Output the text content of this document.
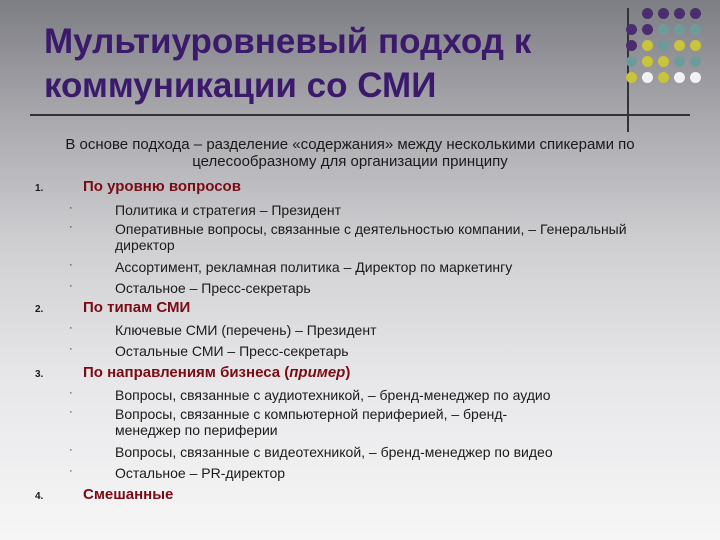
Мультиуровневый подход к коммуникации со СМИ
В основе подхода – разделение «содержания» между несколькими спикерами по целесообразному для организации принципу
1.	По уровню вопросов
·	Политика и стратегия – Президент
·	Оперативные вопросы, связанные с деятельностью компании, – Генеральный директор
·	Ассортимент, рекламная политика – Директор по маркетингу
·	Остальное – Пресс-секретарь
2.	По типам СМИ
·	Ключевые СМИ (перечень) – Президент
·	Остальные СМИ – Пресс-секретарь
3.	По направлениям бизнеса (пример)
·	Вопросы, связанные с аудиотехникой, – бренд-менеджер по аудио
·	Вопросы, связанные с компьютерной периферией, – бренд-менеджер по периферии
·	Вопросы, связанные с видеотехникой, – бренд-менеджер по видео
·	Остальное – PR-директор
4.	Смешанные
